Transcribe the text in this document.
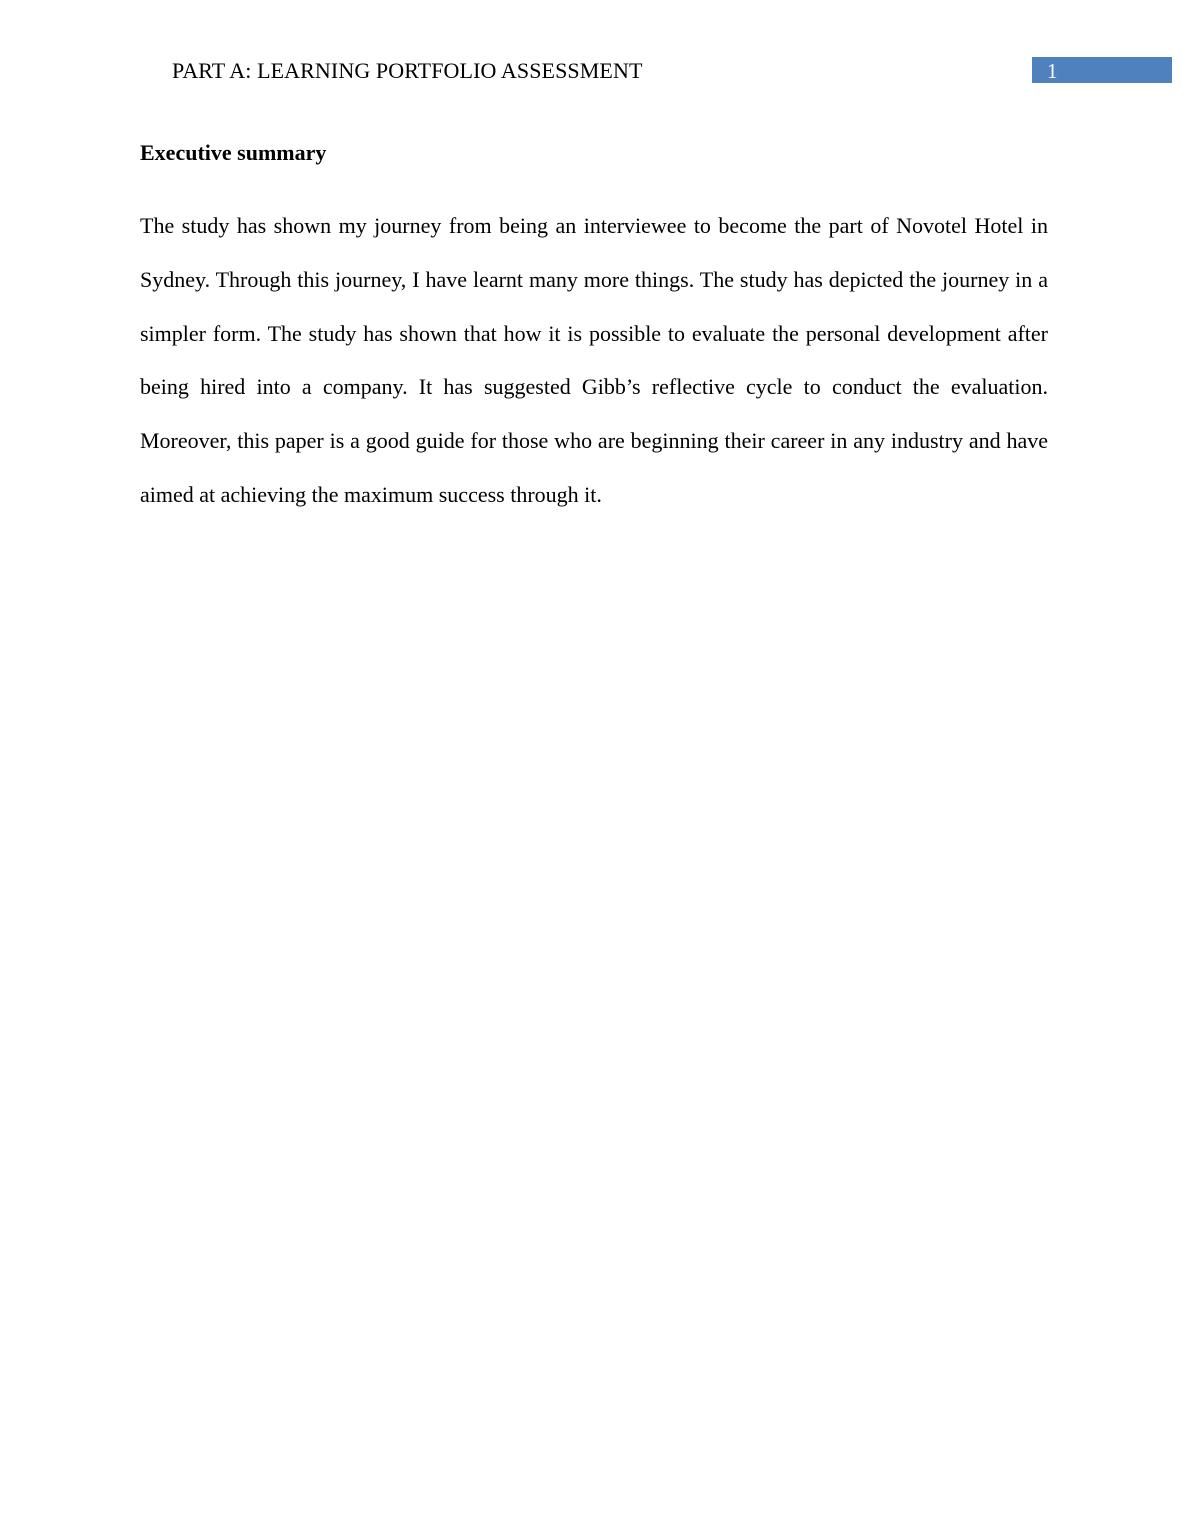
PART A: LEARNING PORTFOLIO ASSESSMENT	1
Executive summary

The study has shown my journey from being an interviewee to become the part of Novotel Hotel in Sydney. Through this journey, I have learnt many more things. The study has depicted the journey in a simpler form. The study has shown that how it is possible to evaluate the personal development after being hired into a company. It has suggested Gibb’s reflective cycle to conduct the evaluation. Moreover, this paper is a good guide for those who are beginning their career in any industry and have aimed at achieving the maximum success through it.
